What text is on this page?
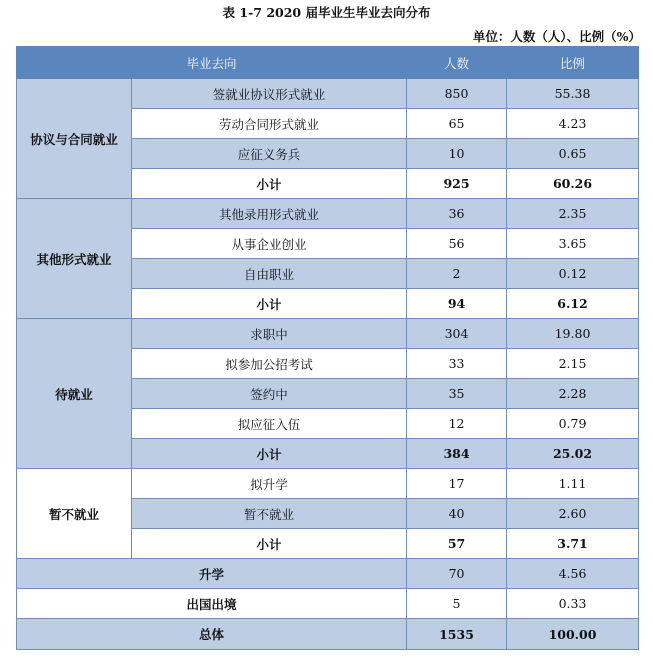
表 1-7 2020 届毕业生毕业去向分布
单位：人数（人）、比例（%）
毕业去向		人数	比例
协议与合同就业	签就业协议形式就业	850	55.38
	劳动合同形式就业	65	4.23
	应征义务兵	10	0.65
	小计	925	60.26
其他形式就业	其他录用形式就业	36	2.35
	从事企业创业	56	3.65
	自由职业	2	0.12
	小计	94	6.12
待就业	求职中	304	19.80
	拟参加公招考试	33	2.15
	签约中	35	2.28
	拟应征入伍	12	0.79
	小计	384	25.02
暂不就业	拟升学	17	1.11
	暂不就业	40	2.60
	小计	57	3.71
升学		70	4.56
出国出境		5	0.33
总体		1535	100.00
